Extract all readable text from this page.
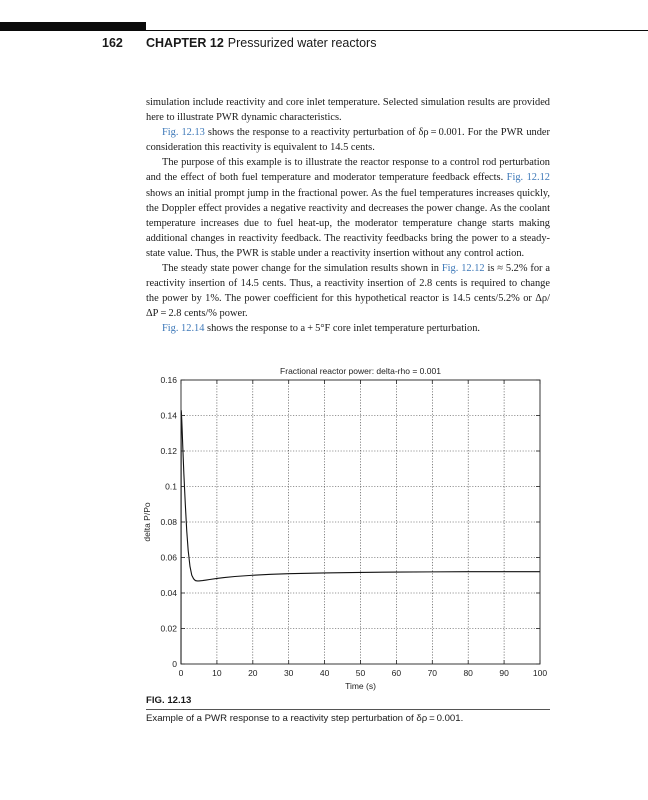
162 CHAPTER 12 Pressurized water reactors

simulation include reactivity and core inlet temperature. Selected simulation results are provided here to illustrate PWR dynamic characteristics.

Fig. 12.13 shows the response to a reactivity perturbation of δρ = 0.001. For the PWR under consideration this reactivity is equivalent to 14.5 cents.

The purpose of this example is to illustrate the reactor response to a control rod perturbation and the effect of both fuel temperature and moderator temperature feedback effects. Fig. 12.12 shows an initial prompt jump in the fractional power. As the fuel temperatures increases quickly, the Doppler effect provides a negative reactivity and decreases the power change. As the coolant temperature increases due to fuel heat-up, the moderator temperature change starts making additional changes in reactivity feedback. The reactivity feedbacks bring the power to a steady-state value. Thus, the PWR is stable under a reactivity insertion without any control action.

The steady state power change for the simulation results shown in Fig. 12.12 is ≈ 5.2% for a reactivity insertion of 14.5 cents. Thus, a reactivity insertion of 2.8 cents is required to change the power by 1%. The power coefficient for this hypothetical reactor is 14.5 cents/5.2% or Δρ/ΔP = 2.8 cents/% power.

Fig. 12.14 shows the response to a + 5°F core inlet temperature perturbation.

0	10	20	30	40	50	60	70	80	90	100
0
0.02
0.04
0.06
0.08
0.1
0.12
0.14
0.16
Fractional reactor power: delta-rho = 0.001
Time (s)
delta P/Po
FIG. 12.13
Example of a PWR response to a reactivity step perturbation of δρ = 0.001.
